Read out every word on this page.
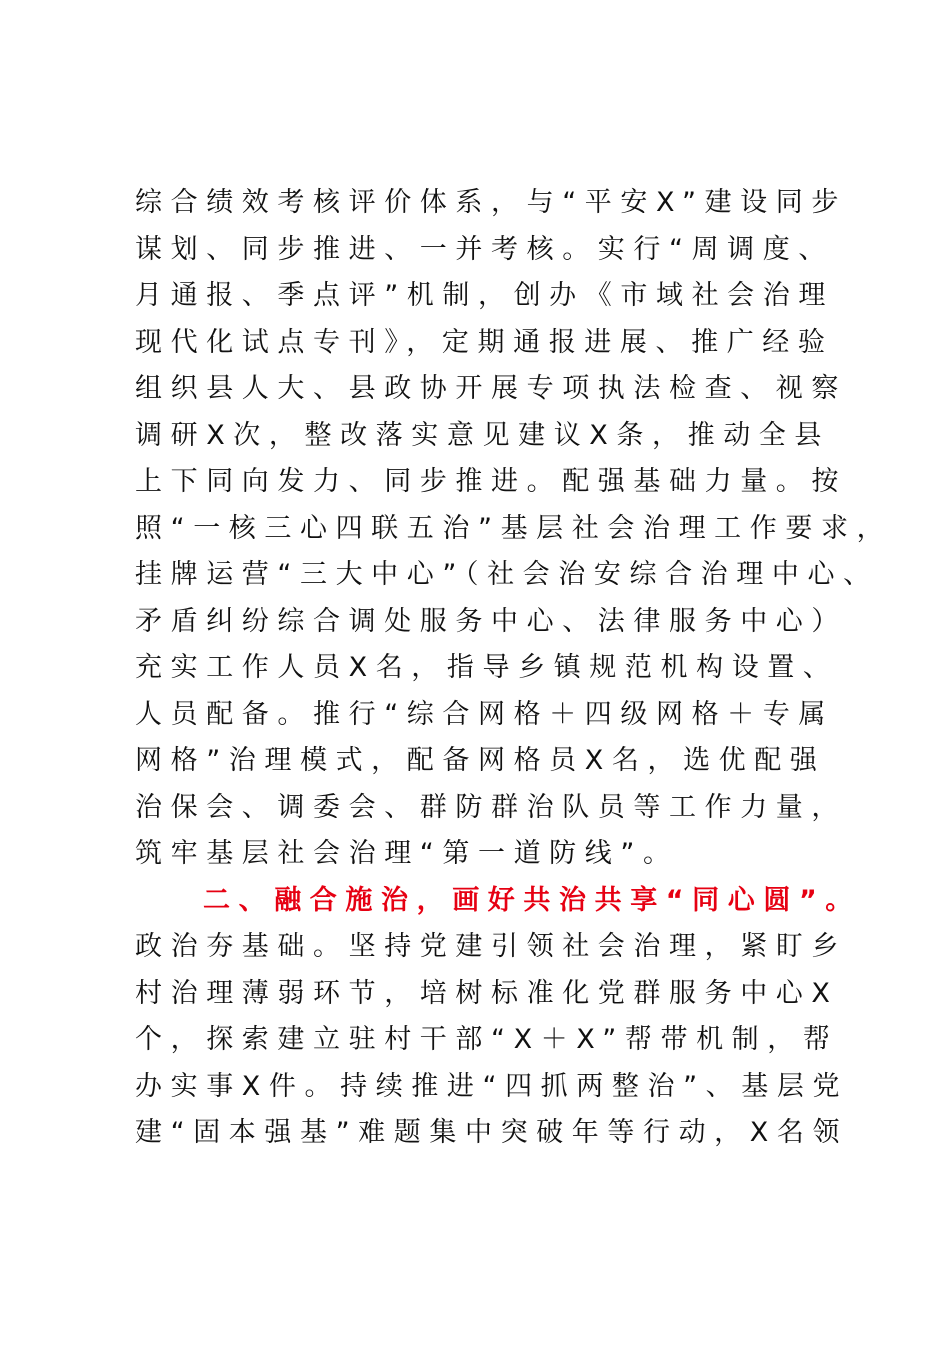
综合绩效考核评价体系，与“平安X”建设同步
谋划、同步推进、一并考核。实行“周调度、
月通报、季点评”机制，创办《市域社会治理
现代化试点专刊》，定期通报进展、推广经验
组织县人大、县政协开展专项执法检查、视察
调研X次，整改落实意见建议X条，推动全县
上下同向发力、同步推进。配强基础力量。按
照“一核三心四联五治”基层社会治理工作要求，
挂牌运营“三大中心”（社会治安综合治理中心、
矛盾纠纷综合调处服务中心、法律服务中心）
充实工作人员X名，指导乡镇规范机构设置、
人员配备。推行“综合网格＋四级网格＋专属
网格”治理模式，配备网格员X名，选优配强
治保会、调委会、群防群治队员等工作力量，
筑牢基层社会治理“第一道防线”。
二、融合施治，画好共治共享“同心圆”。
政治夯基础。坚持党建引领社会治理，紧盯乡
村治理薄弱环节，培树标准化党群服务中心X
个，探索建立驻村干部“X＋X”帮带机制，帮
办实事X件。持续推进“四抓两整治”、基层党
建“固本强基”难题集中突破年等行动，X名领
